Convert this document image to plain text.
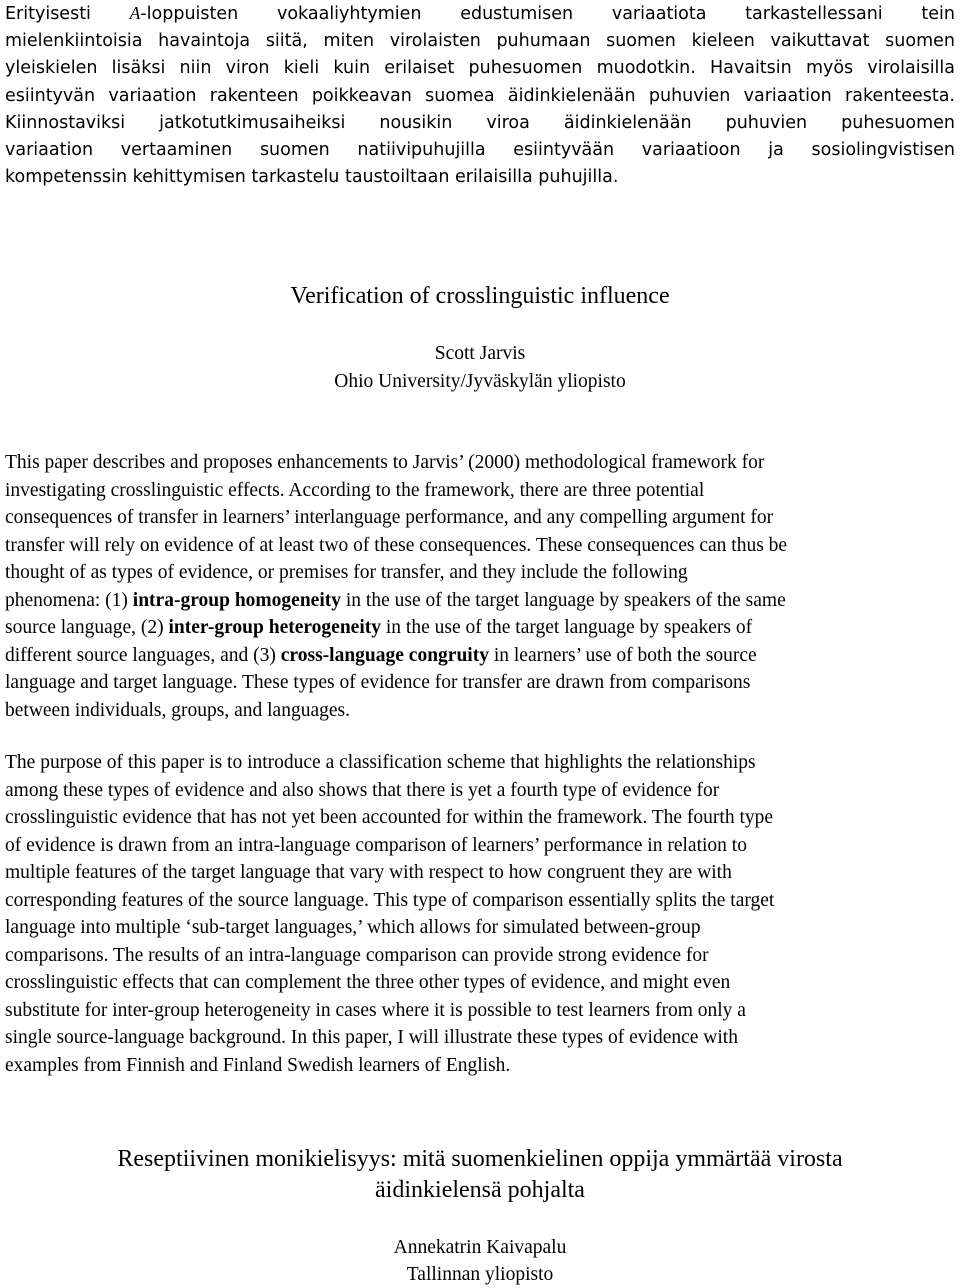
Erityisesti A-loppuisten vokaaliyhtymien edustumisen variaatiota tarkastellessani tein
mielenkiintoisia havaintoja siitä, miten virolaisten puhumaan suomen kieleen vaikuttavat suomen
yleiskielen lisäksi niin viron kieli kuin erilaiset puhesuomen muodotkin. Havaitsin myös virolaisilla
esiintyvän variaation rakenteen poikkeavan suomea äidinkielenään puhuvien variaation rakenteesta.
Kiinnostaviksi jatkotutkimusaiheiksi nousikin viroa äidinkielenään puhuvien puhesuomen
variaation vertaaminen suomen natiivipuhujilla esiintyvään variaatioon ja sosiolingvistisen
kompetenssin kehittymisen tarkastelu taustoiltaan erilaisilla puhujilla.
Verification of crosslinguistic influence
Scott Jarvis
Ohio University/Jyväskylän yliopisto
This paper describes and proposes enhancements to Jarvis’ (2000) methodological framework for
investigating crosslinguistic effects. According to the framework, there are three potential
consequences of transfer in learners’ interlanguage performance, and any compelling argument for
transfer will rely on evidence of at least two of these consequences. These consequences can thus be
thought of as types of evidence, or premises for transfer, and they include the following
phenomena: (1) intra-group homogeneity in the use of the target language by speakers of the same
source language, (2) inter-group heterogeneity in the use of the target language by speakers of
different source languages, and (3) cross-language congruity in learners’ use of both the source
language and target language. These types of evidence for transfer are drawn from comparisons
between individuals, groups, and languages.
The purpose of this paper is to introduce a classification scheme that highlights the relationships
among these types of evidence and also shows that there is yet a fourth type of evidence for
crosslinguistic evidence that has not yet been accounted for within the framework. The fourth type
of evidence is drawn from an intra-language comparison of learners’ performance in relation to
multiple features of the target language that vary with respect to how congruent they are with
corresponding features of the source language. This type of comparison essentially splits the target
language into multiple ‘sub-target languages,’ which allows for simulated between-group
comparisons. The results of an intra-language comparison can provide strong evidence for
crosslinguistic effects that can complement the three other types of evidence, and might even
substitute for inter-group heterogeneity in cases where it is possible to test learners from only a
single source-language background. In this paper, I will illustrate these types of evidence with
examples from Finnish and Finland Swedish learners of English.
Reseptiivinen monikielisyys: mitä suomenkielinen oppija ymmärtää virosta
äidinkielensä pohjalta
Annekatrin Kaivapalu
Tallinnan yliopisto
